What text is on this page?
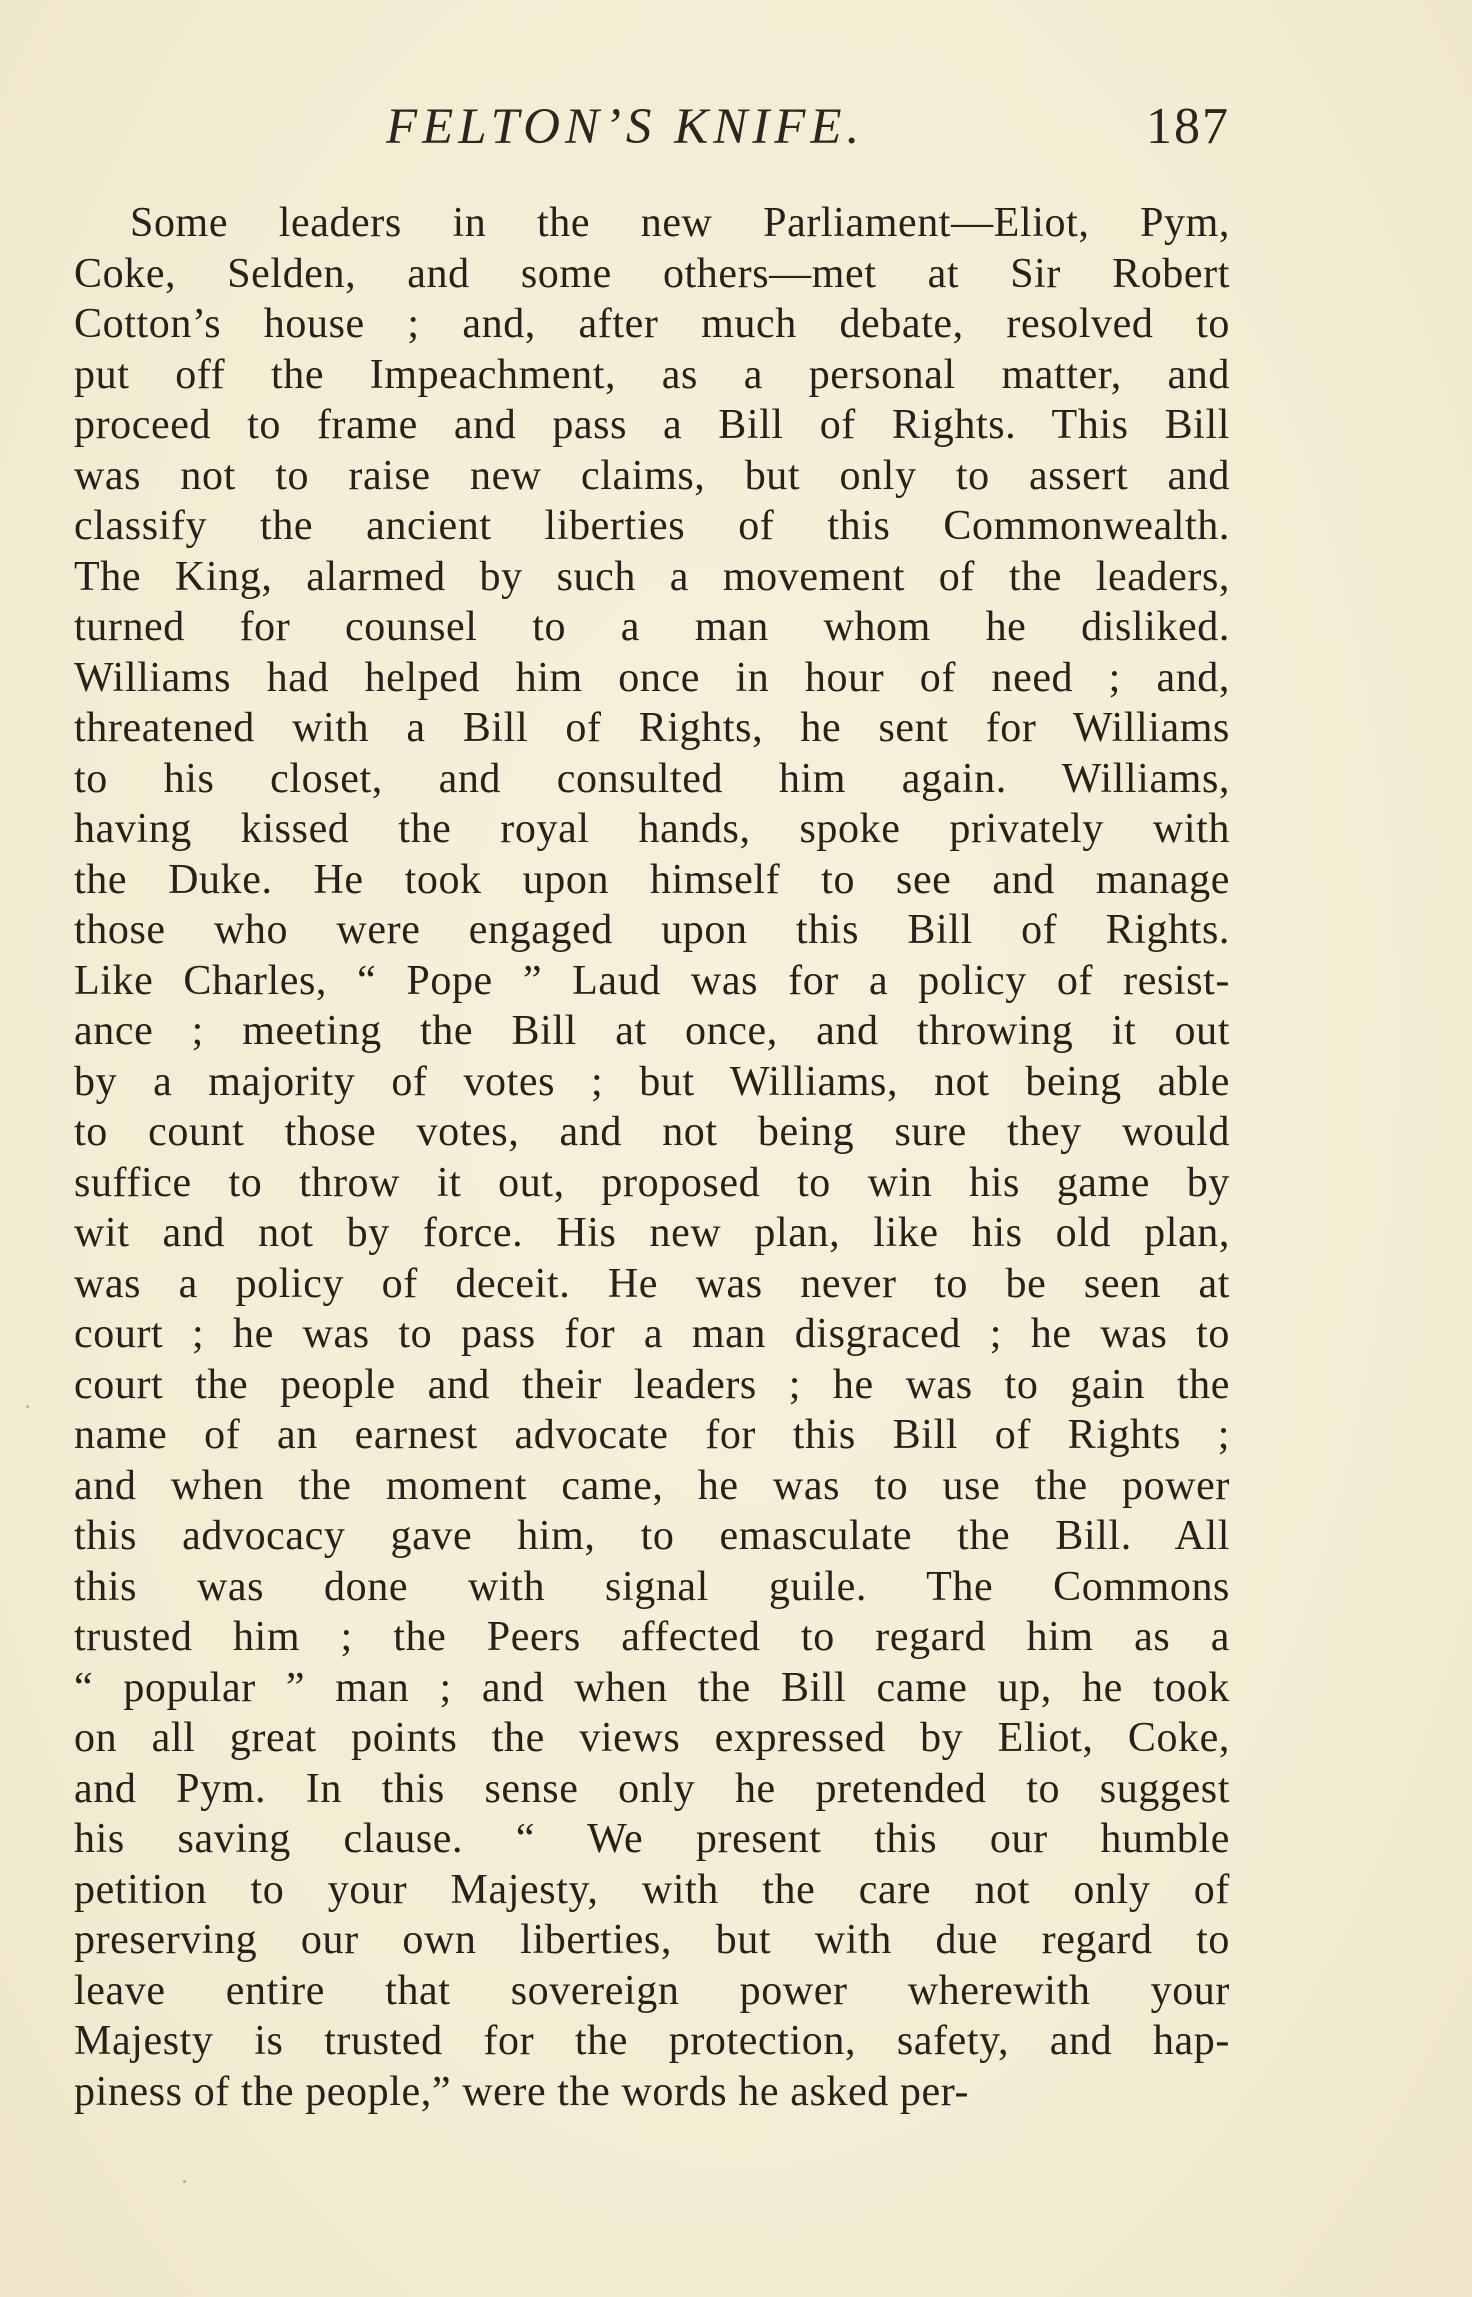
FELTON’S KNIFE.	187
Some leaders in the new Parliament—Eliot, Pym,
Coke, Selden, and some others—met at Sir Robert
Cotton’s house ; and, after much debate, resolved to
put off the Impeachment, as a personal matter, and
proceed to frame and pass a Bill of Rights. This Bill
was not to raise new claims, but only to assert and
classify the ancient liberties of this Commonwealth.
The King, alarmed by such a movement of the leaders,
turned for counsel to a man whom he disliked.
Williams had helped him once in hour of need ; and,
threatened with a Bill of Rights, he sent for Williams
to his closet, and consulted him again. Williams,
having kissed the royal hands, spoke privately with
the Duke. He took upon himself to see and manage
those who were engaged upon this Bill of Rights.
Like Charles, “ Pope ” Laud was for a policy of resist-
ance ; meeting the Bill at once, and throwing it out
by a majority of votes ; but Williams, not being able
to count those votes, and not being sure they would
suffice to throw it out, proposed to win his game by
wit and not by force. His new plan, like his old plan,
was a policy of deceit. He was never to be seen at
court ; he was to pass for a man disgraced ; he was to
court the people and their leaders ; he was to gain the
name of an earnest advocate for this Bill of Rights ;
and when the moment came, he was to use the power
this advocacy gave him, to emasculate the Bill. All
this was done with signal guile. The Commons
trusted him ; the Peers affected to regard him as a
“ popular ” man ; and when the Bill came up, he took
on all great points the views expressed by Eliot, Coke,
and Pym. In this sense only he pretended to suggest
his saving clause. “ We present this our humble
petition to your Majesty, with the care not only of
preserving our own liberties, but with due regard to
leave entire that sovereign power wherewith your
Majesty is trusted for the protection, safety, and hap-
piness of the people,” were the words he asked per-
